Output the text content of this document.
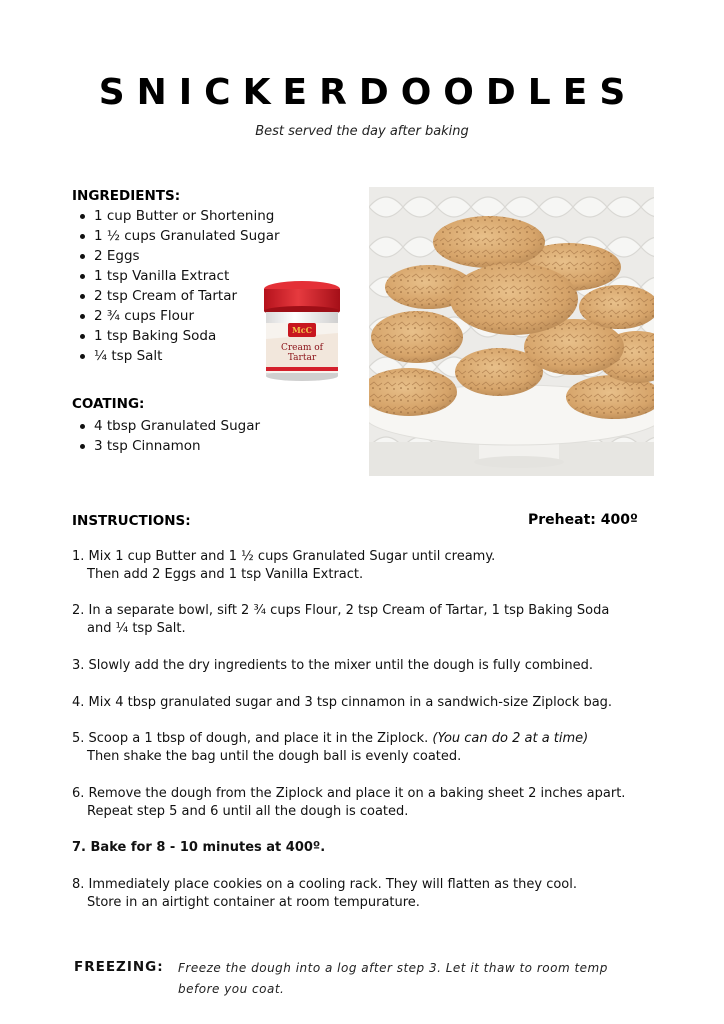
SNICKERDOODLES
Best served the day after baking
INGREDIENTS:
1 cup Butter or Shortening
1 ½ cups Granulated Sugar
2 Eggs
1 tsp Vanilla Extract
2 tsp Cream of Tartar
2 ¾ cups Flour
1 tsp Baking Soda
¼ tsp Salt
McC
Cream of
Tartar
COATING:
4 tbsp Granulated Sugar
3 tsp Cinnamon
INSTRUCTIONS:	Preheat: 400º
1. Mix 1 cup Butter and 1 ½ cups Granulated Sugar until creamy.
Then add 2 Eggs and 1 tsp Vanilla Extract.
2. In a separate bowl, sift 2 ¾ cups Flour, 2 tsp Cream of Tartar, 1 tsp Baking Soda
and ¼ tsp Salt.
3. Slowly add the dry ingredients to the mixer until the dough is fully combined.
4. Mix 4 tbsp granulated sugar and 3 tsp cinnamon in a sandwich-size Ziplock bag.
5. Scoop a 1 tbsp of dough, and place it in the Ziplock. (You can do 2 at a time)
Then shake the bag until the dough ball is evenly coated.
6. Remove the dough from the Ziplock and place it on a baking sheet 2 inches apart.
Repeat step 5 and 6 until all the dough is coated.
7. Bake for 8 - 10 minutes at 400º.
8. Immediately place cookies on a cooling rack. They will flatten as they cool.
Store in an airtight container at room tempurature.
FREEZING: Freeze the dough into a log after step 3. Let it thaw to room temp before you coat.
